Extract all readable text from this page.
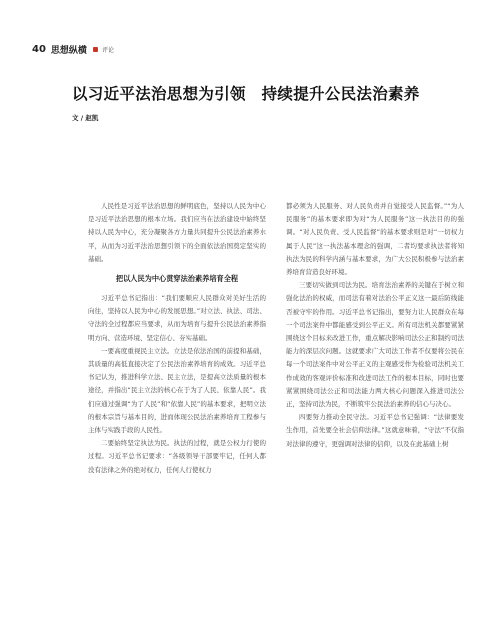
40 思想纵横	评论
以习近平法治思想为引领　持续提升公民法治素养
文 / 赵凯

人民性是习近平法治思想的鲜明底色，坚持以人民为中心是习近平法治思想的根本立场。我们应当在法治建设中始终坚持以人民为中心，充分凝聚各方力量共同提升公民法治素养水平，从而为习近平法治思想引领下的全面依法治国奠定坚实的基础。

把以人民为中心贯穿法治素养培育全程

习近平总书记指出：“我们要顺应人民群众对美好生活的向往，坚持以人民为中心的发展思想。”对立法、执法、司法、守法的全过程都应当要求，从而为培育与提升公民法治素养指明方向、营造环境、坚定信心、夯实基础。

一要高度重视民主立法。立法是依法治国的前提和基础，其质量的高低直接决定了公民法治素养培育的成效。习近平总书记认为，推进科学立法、民主立法，是提高立法质量的根本途径，并指出“民主立法的核心在于为了人民、依靠人民”。我们应通过强调“为了人民”和“依靠人民”的基本要求，把明立法的根本宗旨与基本目的，进而体现公民法治素养培育工程参与主体与实践手段的人民性。

二要始终坚定执法为民。执法的过程，就是公权力行使的过程。习近平总书记要求：“各级领导干部要牢记，任何人都没有法律之外的绝对权力，任何人行使权力

都必须为人民服务、对人民负责并自觉接受人民监督。”“为人民服务”的基本要求即为对“为人民服务”这一执法目的的强调。“对人民负责、受人民监督”的基本要求则是对“一切权力属于人民”这一执法基本理念的强调，二者均要求执法者将知执法为民的科学内涵与基本要求，为广大公民积极参与法治素养培育营造良好环境。

三要切实做到司法为民。培育法治素养的关键在于树立和强化法治的权威，而司法有着对法治公平正义这一最后防线能否被守牢的作用。习近平总书记指出，要努力让人民群众在每一个司法案件中都能感受到公平正义。所有司法机关都要紧紧围绕这个目标来改进工作，重点解决影响司法公正和制约司法能力的深层次问题。这就要求广大司法工作者不仅要将公民在每一个司法案件中对公平正义的主观感受作为检验司法机关工作成效的客观评价标准和改进司法工作的根本目标，同时也要紧紧围绕司法公正和司法能力两大核心问题深入推进司法公正，坚持司法为民，不断筑牢公民法治素养的信心与决心。

四要努力推动全民守法。习近平总书记强调：“法律要发生作用，首先要全社会信仰法律。”这就意味着，“守法”不仅指对法律的遵守，更强调对法律的信仰，以及在此基础上树
